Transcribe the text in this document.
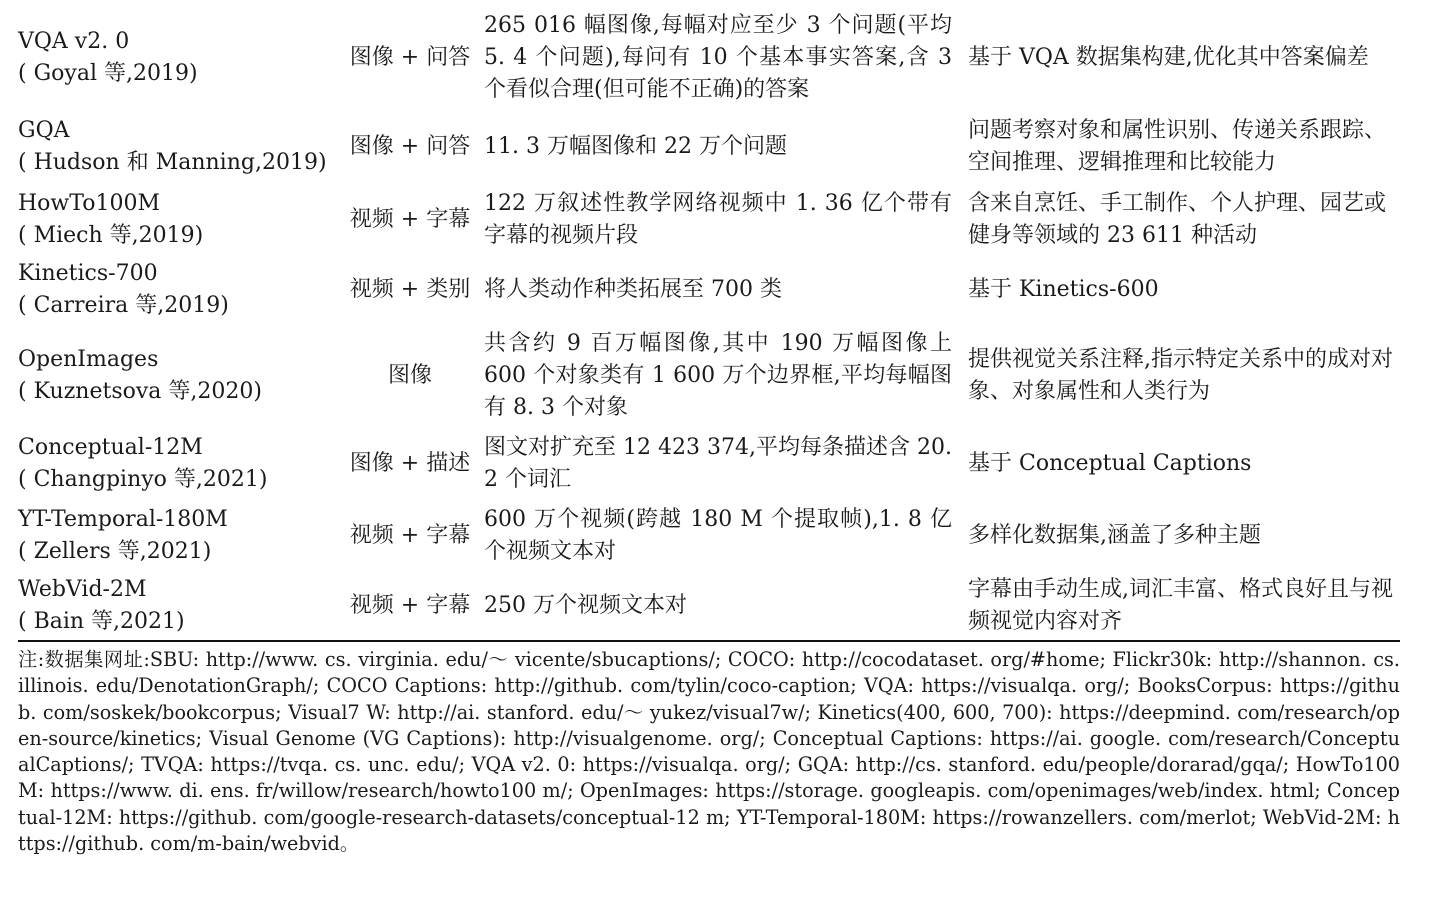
VQA v2. 0
( Goyal 等,2019)	图像 + 问答	265 016 幅图像,每幅对应至少 3 个问题(平均 5. 4 个问题),每问有 10 个基本事实答案,含 3 个看似合理(但可能不正确)的答案	基于 VQA 数据集构建,优化其中答案偏差

GQA
( Hudson 和 Manning,2019)	图像 + 问答	11. 3 万幅图像和 22 万个问题	问题考察对象和属性识别、传递关系跟踪、空间推理、逻辑推理和比较能力

HowTo100M
( Miech 等,2019)	视频 + 字幕	122 万叙述性教学网络视频中 1. 36 亿个带有字幕的视频片段	含来自烹饪、手工制作、个人护理、园艺或健身等领域的 23 611 种活动

Kinetics-700
( Carreira 等,2019)	视频 + 类别	将人类动作种类拓展至 700 类	基于 Kinetics-600

OpenImages
( Kuznetsova 等,2020)	图像	共含约 9 百万幅图像,其中 190 万幅图像上 600 个对象类有 1 600 万个边界框,平均每幅图有 8. 3 个对象	提供视觉关系注释,指示特定关系中的成对对象、对象属性和人类行为

Conceptual-12M
( Changpinyo 等,2021)	图像 + 描述	图文对扩充至 12 423 374,平均每条描述含 20. 2 个词汇	基于 Conceptual Captions

YT-Temporal-180M
( Zellers 等,2021)	视频 + 字幕	600 万个视频(跨越 180 M 个提取帧),1. 8 亿个视频文本对	多样化数据集,涵盖了多种主题

WebVid-2M
( Bain 等,2021)	视频 + 字幕	250 万个视频文本对	字幕由手动生成,词汇丰富、格式良好且与视频视觉内容对齐
注:数据集网址:SBU: http://www. cs. virginia. edu/～ vicente/sbucaptions/; COCO: http://cocodataset. org/#home; Flickr30k: http://shannon. cs. illinois. edu/DenotationGraph/; COCO Captions: http://github. com/tylin/coco-caption; VQA: https://visualqa. org/; BooksCorpus: https://github. com/soskek/bookcorpus; Visual7 W: http://ai. stanford. edu/～ yukez/visual7w/; Kinetics(400, 600, 700): https://deepmind. com/research/open-source/kinetics; Visual Genome (VG Captions): http://visualgenome. org/; Conceptual Captions: https://ai. google. com/research/ConceptualCaptions/; TVQA: https://tvqa. cs. unc. edu/; VQA v2. 0: https://visualqa. org/; GQA: http://cs. stanford. edu/people/dorarad/gqa/; HowTo100M: https://www. di. ens. fr/willow/research/howto100 m/; OpenImages: https://storage. googleapis. com/openimages/web/index. html; Conceptual-12M: https://github. com/google-research-datasets/conceptual-12 m; YT-Temporal-180M: https://rowanzellers. com/merlot; WebVid-2M: https://github. com/m-bain/webvid。
